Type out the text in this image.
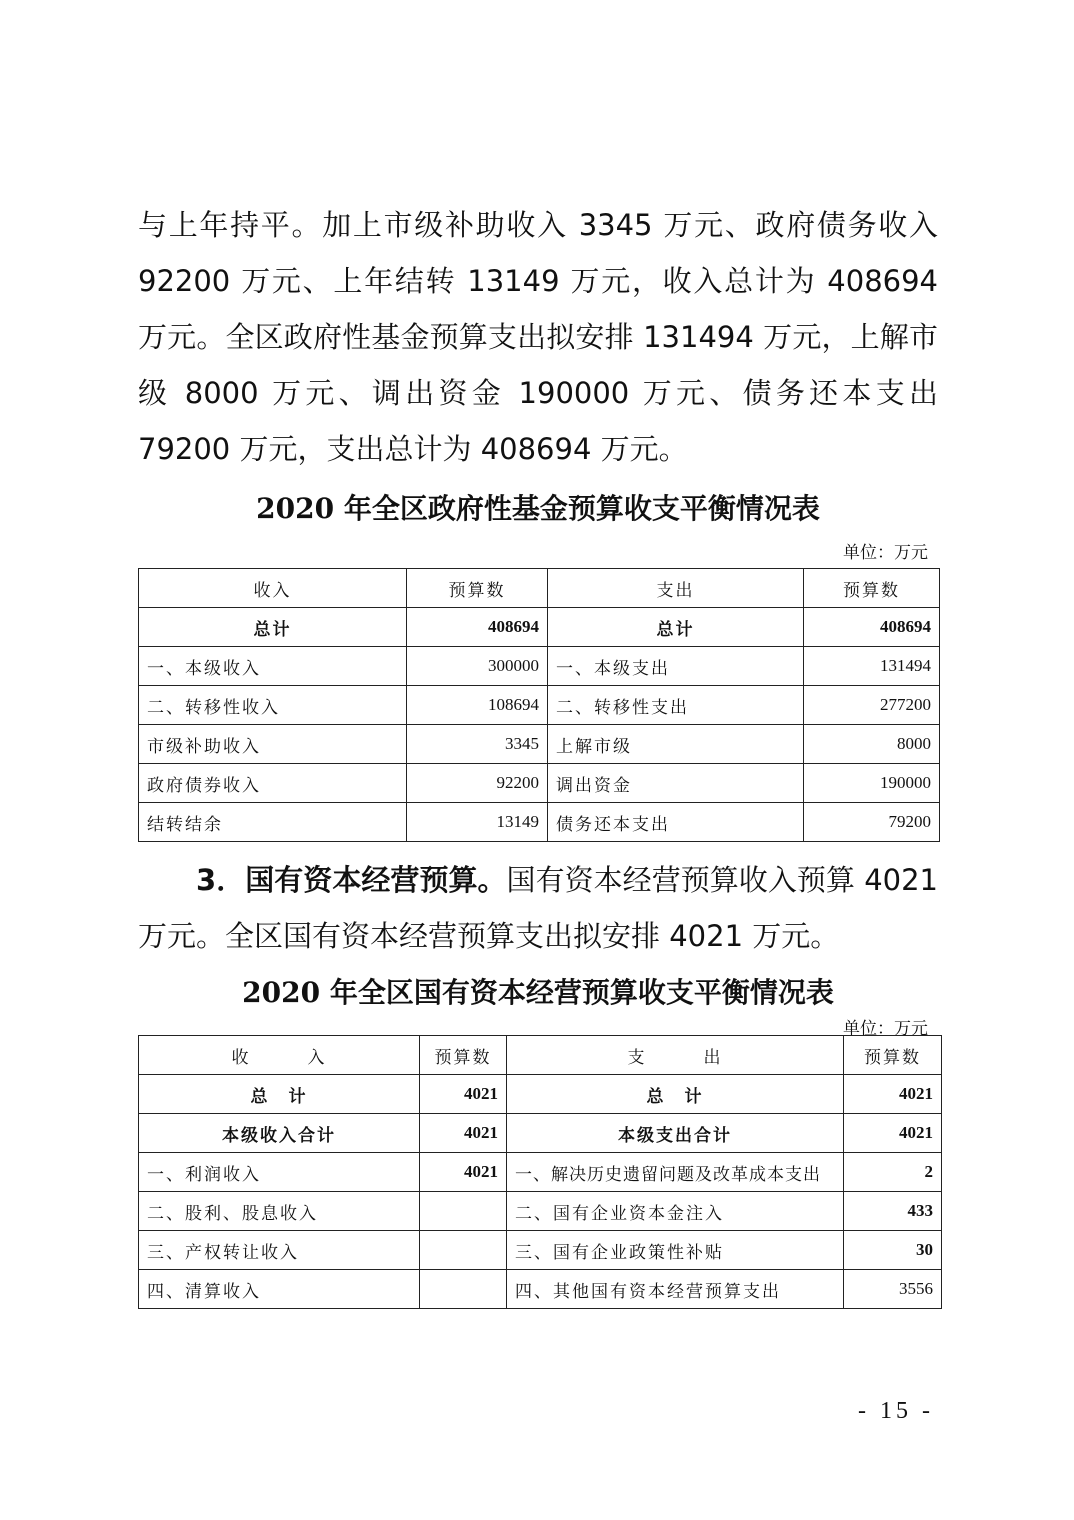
与上年持平。加上市级补助收入 3345 万元、政府债务收入 92200 万元、上年结转 13149 万元，收入总计为 408694 万元。全区政府性基金预算支出拟安排 131494 万元，上解市级 8000 万元、调出资金 190000 万元、债务还本支出 79200 万元，支出总计为 408694 万元。
2020 年全区政府性基金预算收支平衡情况表
单位：万元
收入	预算数	支出	预算数
总计	408694	总计	408694
一、本级收入	300000	一、本级支出	131494
二、转移性收入	108694	二、转移性支出	277200
市级补助收入	3345	上解市级	8000
政府债券收入	92200	调出资金	190000
结转结余	13149	债务还本支出	79200
3．国有资本经营预算。国有资本经营预算收入预算 4021 万元。全区国有资本经营预算支出拟安排 4021 万元。
2020 年全区国有资本经营预算收支平衡情况表
单位：万元
收　　　入	预算数	支　　　出	预算数
总　计	4021	总　计	4021
本级收入合计	4021	本级支出合计	4021
一、利润收入	4021	一、解决历史遗留问题及改革成本支出	2
二、股利、股息收入		二、国有企业资本金注入	433
三、产权转让收入		三、国有企业政策性补贴	30
四、清算收入		四、其他国有资本经营预算支出	3556
- 15 -
